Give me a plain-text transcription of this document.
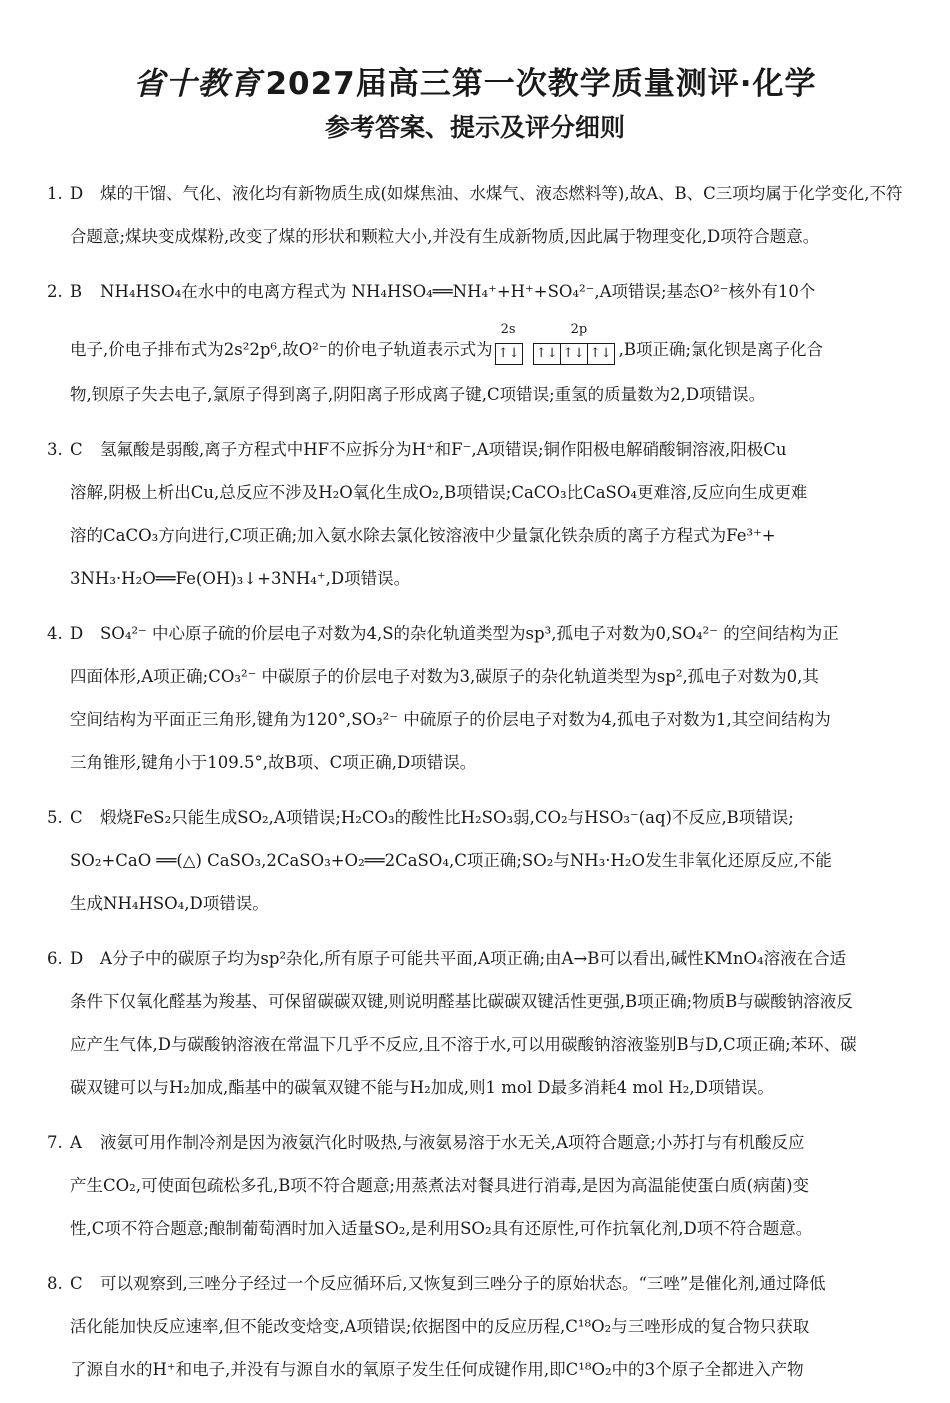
省十教育 2027届高三第一次教学质量测评·化学
参考答案、提示及评分细则
1. D 煤的干馏、气化、液化均有新物质生成(如煤焦油、水煤气、液态燃料等),故A、B、C三项均属于化学变化,不符
合题意;煤块变成煤粉,改变了煤的形状和颗粒大小,并没有生成新物质,因此属于物理变化,D项符合题意。
2. B NH₄HSO₄在水中的电离方程式为 NH₄HSO₄══NH₄⁺+H⁺+SO₄²⁻,A项错误;基态O²⁻核外有10个
电子,价电子排布式为2s²2p⁶,故O²⁻的价电子轨道表示式为
2s	2p
↑↓ ↑↓ ↑↓ ↑↓ ,B项正确;氯化钡是离子化合
物,钡原子失去电子,氯原子得到离子,阴阳离子形成离子键,C项错误;重氢的质量数为2,D项错误。
3. C 氢氟酸是弱酸,离子方程式中HF不应拆分为H⁺和F⁻,A项错误;铜作阳极电解硝酸铜溶液,阳极Cu
溶解,阴极上析出Cu,总反应不涉及H₂O氧化生成O₂,B项错误;CaCO₃比CaSO₄更难溶,反应向生成更难
溶的CaCO₃方向进行,C项正确;加入氨水除去氯化铵溶液中少量氯化铁杂质的离子方程式为Fe³⁺+
3NH₃·H₂O══Fe(OH)₃↓+3NH₄⁺,D项错误。
4. D SO₄²⁻ 中心原子硫的价层电子对数为4,S的杂化轨道类型为sp³,孤电子对数为0,SO₄²⁻ 的空间结构为正
四面体形,A项正确;CO₃²⁻ 中碳原子的价层电子对数为3,碳原子的杂化轨道类型为sp²,孤电子对数为0,其
空间结构为平面正三角形,键角为120°,SO₃²⁻ 中硫原子的价层电子对数为4,孤电子对数为1,其空间结构为
三角锥形,键角小于109.5°,故B项、C项正确,D项错误。
5. C 煅烧FeS₂只能生成SO₂,A项错误;H₂CO₃的酸性比H₂SO₃弱,CO₂与HSO₃⁻(aq)不反应,B项错误;
SO₂+CaO ══(△) CaSO₃,2CaSO₃+O₂══2CaSO₄,C项正确;SO₂与NH₃·H₂O发生非氧化还原反应,不能
生成NH₄HSO₄,D项错误。
6. D A分子中的碳原子均为sp²杂化,所有原子可能共平面,A项正确;由A→B可以看出,碱性KMnO₄溶液在合适
条件下仅氧化醛基为羧基、可保留碳碳双键,则说明醛基比碳碳双键活性更强,B项正确;物质B与碳酸钠溶液反
应产生气体,D与碳酸钠溶液在常温下几乎不反应,且不溶于水,可以用碳酸钠溶液鉴别B与D,C项正确;苯环、碳
碳双键可以与H₂加成,酯基中的碳氧双键不能与H₂加成,则1 mol D最多消耗4 mol H₂,D项错误。
7. A 液氨可用作制冷剂是因为液氨汽化时吸热,与液氨易溶于水无关,A项符合题意;小苏打与有机酸反应
产生CO₂,可使面包疏松多孔,B项不符合题意;用蒸煮法对餐具进行消毒,是因为高温能使蛋白质(病菌)变
性,C项不符合题意;酿制葡萄酒时加入适量SO₂,是利用SO₂具有还原性,可作抗氧化剂,D项不符合题意。
8. C 可以观察到,三唑分子经过一个反应循环后,又恢复到三唑分子的原始状态。“三唑”是催化剂,通过降低
活化能加快反应速率,但不能改变焓变,A项错误;依据图中的反应历程,C¹⁸O₂与三唑形成的复合物只获取
了源自水的H⁺和电子,并没有与源自水的氧原子发生任何成键作用,即C¹⁸O₂中的3个原子全都进入产物
